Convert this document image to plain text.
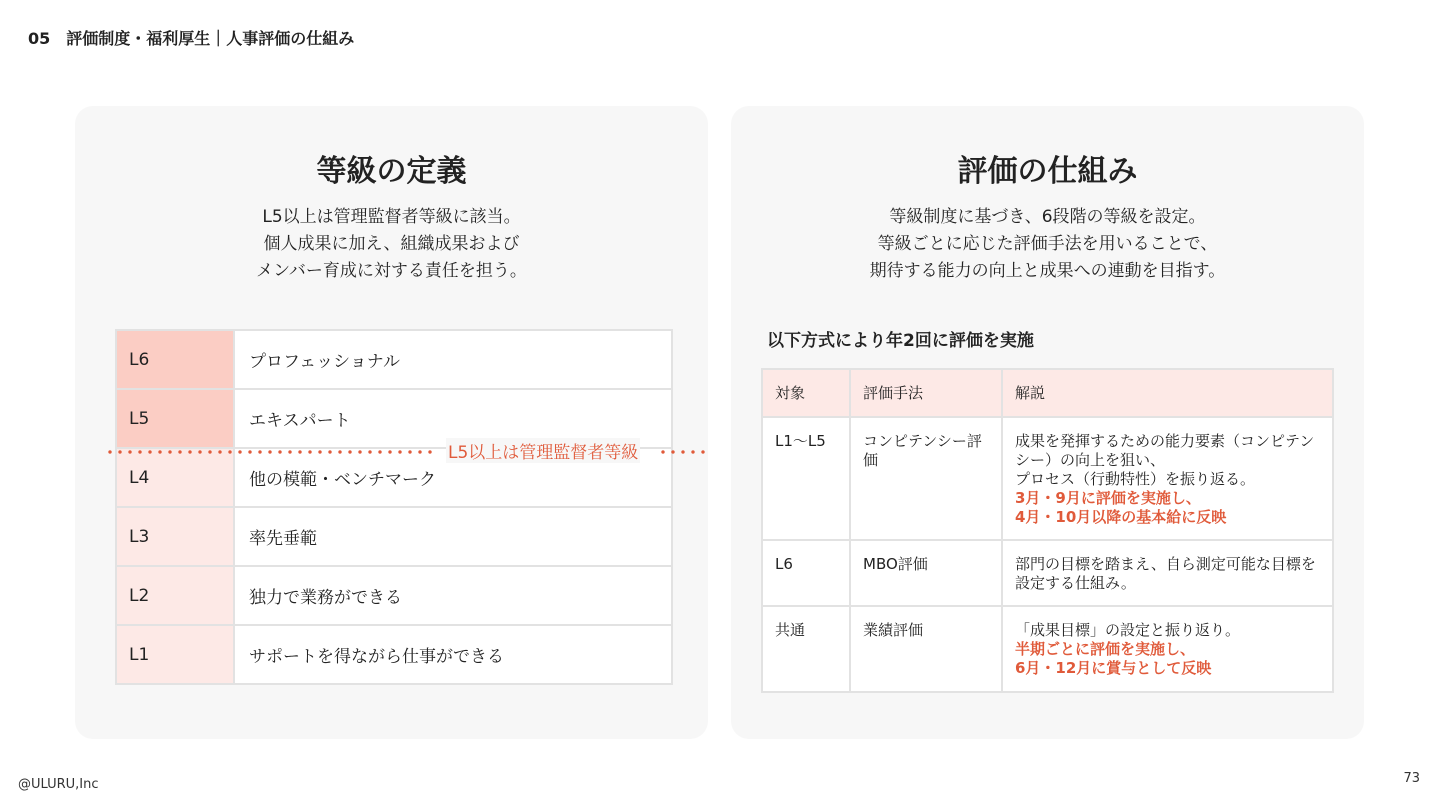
05 評価制度・福利厚生｜人事評価の仕組み
等級の定義
L5以上は管理監督者等級に該当。
個人成果に加え、組織成果および
メンバー育成に対する責任を担う。
L6	プロフェッショナル
L5	エキスパート
L4	他の模範・ベンチマーク
L3	率先垂範
L2	独力で業務ができる
L1	サポートを得ながら仕事ができる
L5以上は管理監督者等級
評価の仕組み
等級制度に基づき、6段階の等級を設定。
等級ごとに応じた評価手法を用いることで、
期待する能力の向上と成果への連動を目指す。
以下方式により年2回に評価を実施
対象	評価手法	解説
L1〜L5	コンピテンシー評価	成果を発揮するための能力要素（コンピテンシー）の向上を狙い、
プロセス（行動特性）を振り返る。
3月・9月に評価を実施し、
4月・10月以降の基本給に反映

L6	MBO評価	部門の目標を踏まえ、自ら測定可能な目標を設定する仕組み。

共通	業績評価	「成果目標」の設定と振り返り。
半期ごとに評価を実施し、
6月・12月に賞与として反映
@ULURU,Inc	73
